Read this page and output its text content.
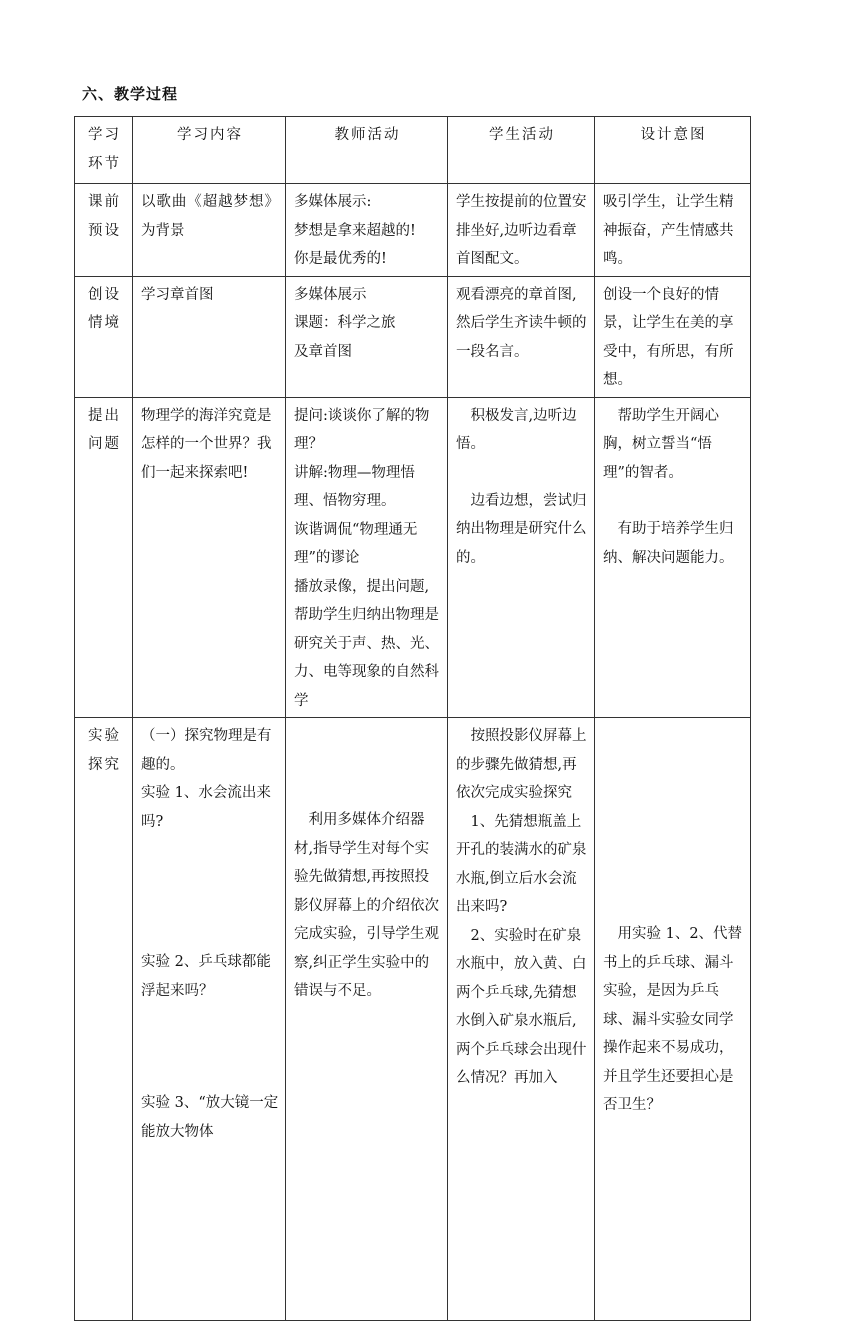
六、教学过程
学习
环节	学习内容	教师活动	学生活动	设计意图
课前
预设	以歌曲《超越梦想》为背景	多媒体展示:
梦想是拿来超越的!
你是最优秀的!	学生按提前的位置安排坐好,边听边看章首图配文。	吸引学生，让学生精神振奋，产生情感共鸣。
创设
情境	学习章首图	多媒体展示
课题：科学之旅
及章首图	观看漂亮的章首图,然后学生齐读牛顿的一段名言。	创设一个良好的情景，让学生在美的享受中，有所思，有所想。
提出
问题	物理学的海洋究竟是怎样的一个世界？我们一起来探索吧!	提问:谈谈你了解的物理？
讲解:物理—物理悟理、悟物穷理。
诙谐调侃“物理通无理”的谬论
播放录像，提出问题,帮助学生归纳出物理是研究关于声、热、光、力、电等现象的自然科学	积极发言,边听边悟。
边看边想，尝试归纳出物理是研究什么的。	帮助学生开阔心胸，树立誓当“悟理”的智者。
有助于培养学生归纳、解决问题能力。

实验
探究	（一）探究物理是有趣的。
实验 1、水会流出来吗?
实验 2、乒乓球都能浮起来吗？
实验 3、“放大镜一定能放大物体	利用多媒体介绍器材,指导学生对每个实验先做猜想,再按照投影仪屏幕上的介绍依次完成实验，引导学生观察,纠正学生实验中的错误与不足。	按照投影仪屏幕上的步骤先做猜想,再依次完成实验探究
1、先猜想瓶盖上开孔的装满水的矿泉水瓶,倒立后水会流出来吗?
2、实验时在矿泉水瓶中，放入黄、白两个乒乓球,先猜想水倒入矿泉水瓶后,两个乒乓球会出现什么情况？再加入	用实验 1、2、代替书上的乒乓球、漏斗实验，是因为乒乓球、漏斗实验女同学操作起来不易成功，并且学生还要担心是否卫生？
